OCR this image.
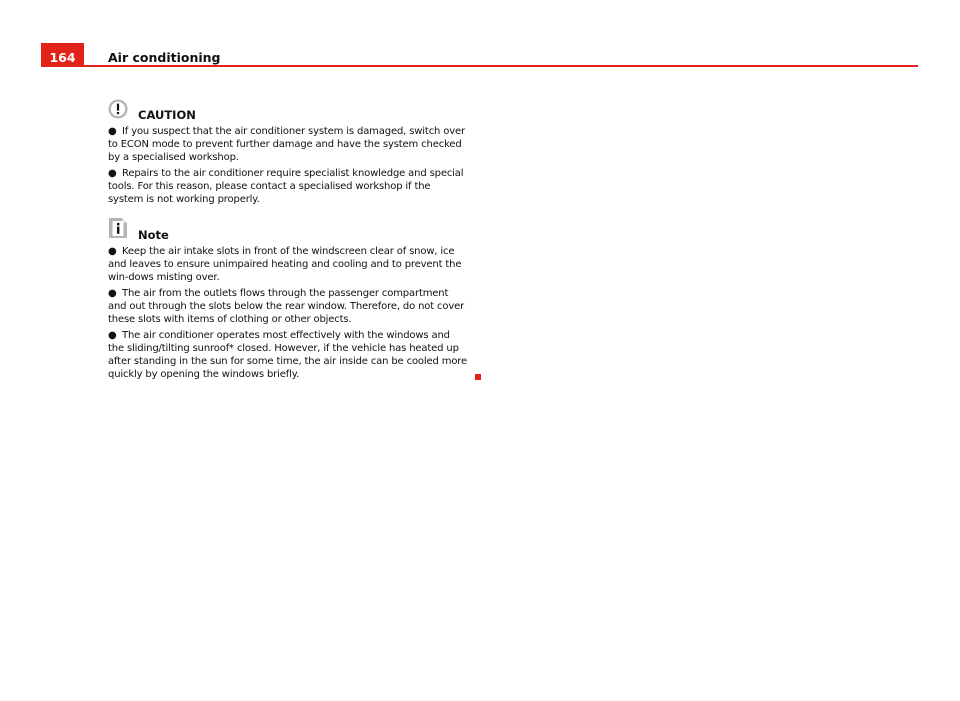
164	Air conditioning
CAUTION

● If you suspect that the air conditioner system is damaged, switch over to ECON mode to prevent further damage and have the system checked by a specialised workshop.

● Repairs to the air conditioner require specialist knowledge and special tools. For this reason, please contact a specialised workshop if the system is not working properly.

Note

● Keep the air intake slots in front of the windscreen clear of snow, ice and leaves to ensure unimpaired heating and cooling and to prevent the win-dows misting over.

● The air from the outlets flows through the passenger compartment and out through the slots below the rear window. Therefore, do not cover these slots with items of clothing or other objects.

● The air conditioner operates most effectively with the windows and the sliding/tilting sunroof* closed. However, if the vehicle has heated up after standing in the sun for some time, the air inside can be cooled more quickly by opening the windows briefly.
